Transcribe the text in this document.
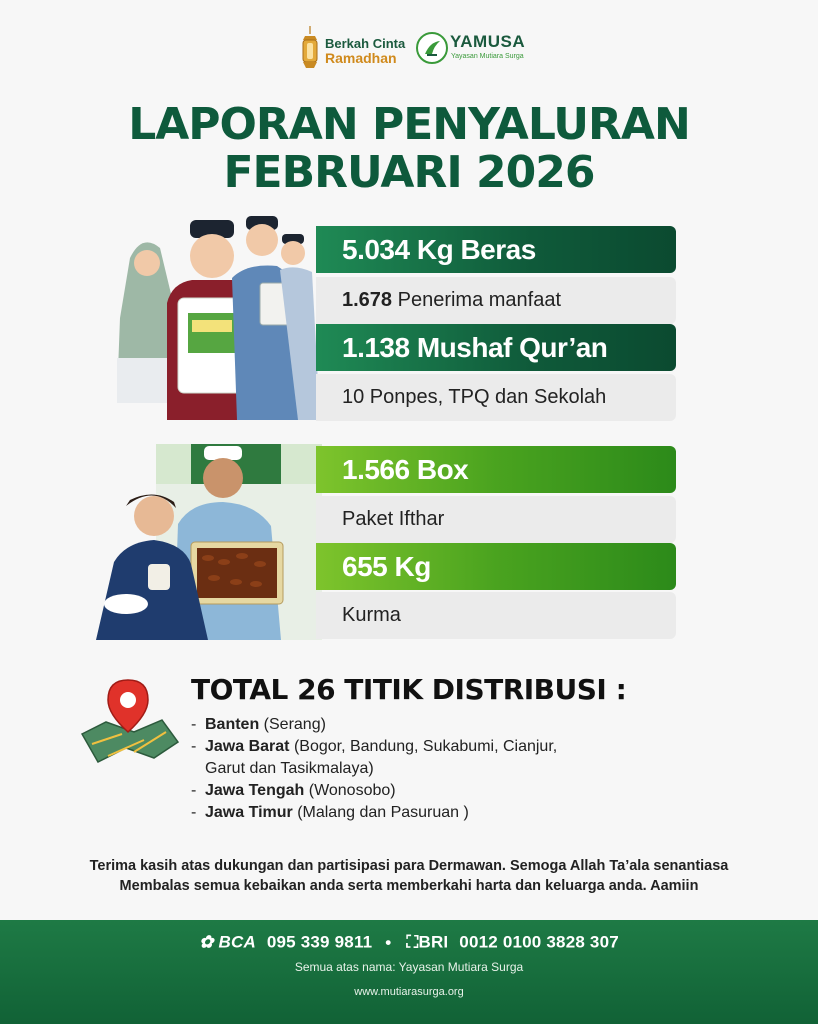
Berkah Cinta
Ramadhan
YAMUSA
Yayasan Mutiara Surga
LAPORAN PENYALURAN
FEBRUARI 2026
5.034 Kg Beras
1.678 Penerima manfaat
1.138 Mushaf Qur’an
10 Ponpes, TPQ dan Sekolah
1.566 Box
Paket Ifthar
655 Kg
Kurma
TOTAL 26 TITIK DISTRIBUSI :
- Banten (Serang)
- Jawa Barat (Bogor, Bandung, Sukabumi, Cianjur,
Garut dan Tasikmalaya)
- Jawa Tengah (Wonosobo)
- Jawa Timur (Malang dan Pasuruan )
Terima kasih atas dukungan dan partisipasi para Dermawan. Semoga Allah Ta’ala senantiasa
Membalas semua kebaikan anda serta memberkahi harta dan keluarga anda. Aamiin
✿ BCA 095 339 9811 • ⛶BRI 0012 0100 3828 307
Semua atas nama: Yayasan Mutiara Surga
www.mutiarasurga.org
